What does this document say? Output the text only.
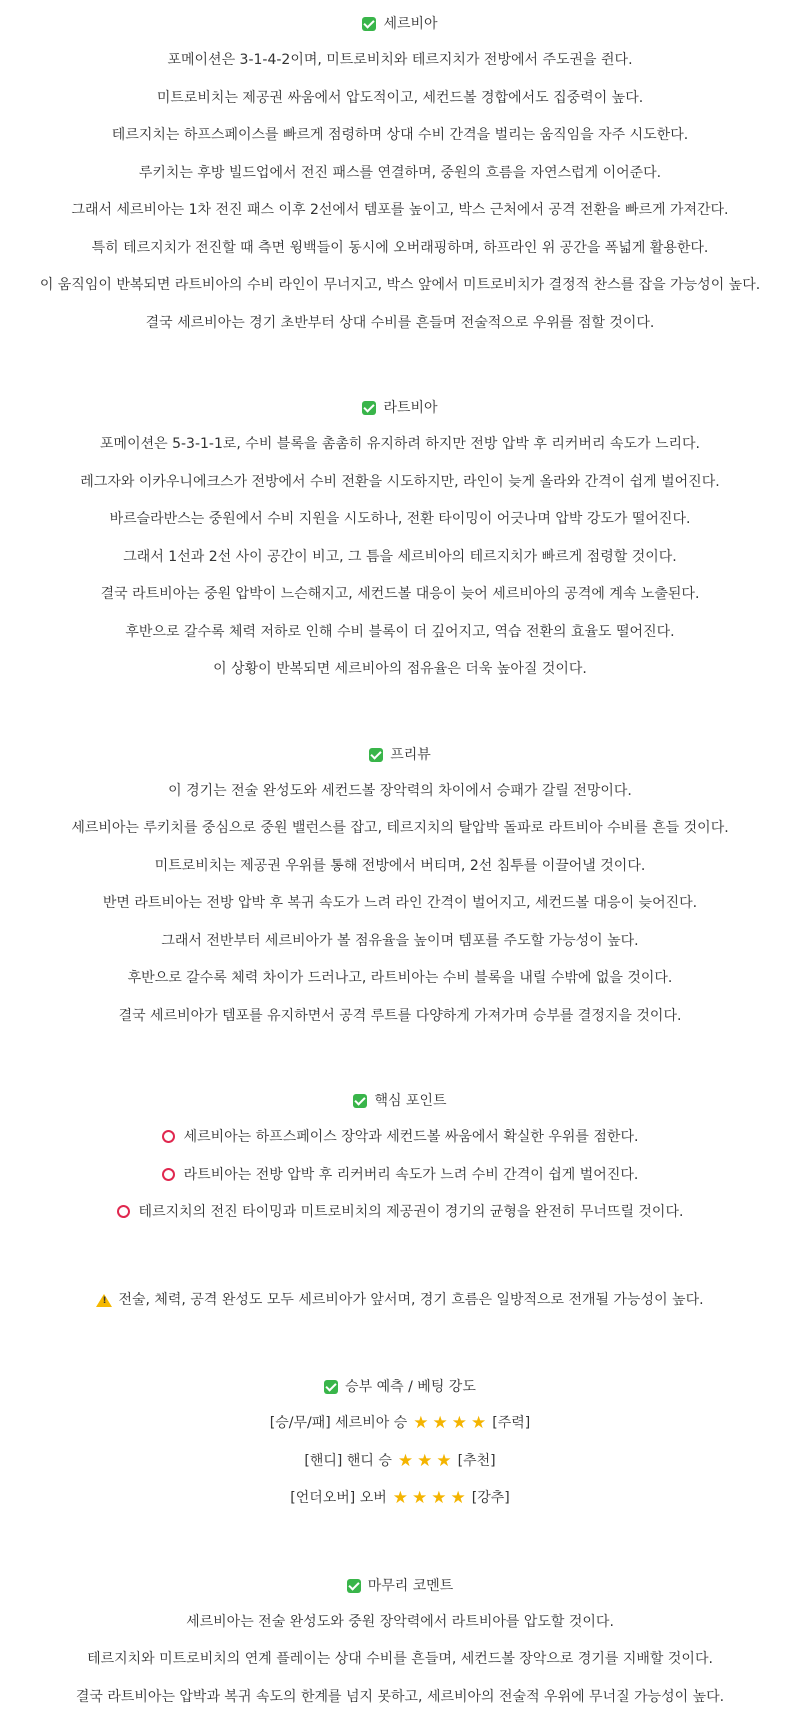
세르비아
포메이션은 3-1-4-2이며, 미트로비치와 테르지치가 전방에서 주도권을 쥔다.
미트로비치는 제공권 싸움에서 압도적이고, 세컨드볼 경합에서도 집중력이 높다.
테르지치는 하프스페이스를 빠르게 점령하며 상대 수비 간격을 벌리는 움직임을 자주 시도한다.
루키치는 후방 빌드업에서 전진 패스를 연결하며, 중원의 흐름을 자연스럽게 이어준다.
그래서 세르비아는 1차 전진 패스 이후 2선에서 템포를 높이고, 박스 근처에서 공격 전환을 빠르게 가져간다.
특히 테르지치가 전진할 때 측면 윙백들이 동시에 오버래핑하며, 하프라인 위 공간을 폭넓게 활용한다.
이 움직임이 반복되면 라트비아의 수비 라인이 무너지고, 박스 앞에서 미트로비치가 결정적 찬스를 잡을 가능성이 높다.
결국 세르비아는 경기 초반부터 상대 수비를 흔들며 전술적으로 우위를 점할 것이다.
라트비아
포메이션은 5-3-1-1로, 수비 블록을 촘촘히 유지하려 하지만 전방 압박 후 리커버리 속도가 느리다.
레그자와 이카우니에크스가 전방에서 수비 전환을 시도하지만, 라인이 늦게 올라와 간격이 쉽게 벌어진다.
바르슬라반스는 중원에서 수비 지원을 시도하나, 전환 타이밍이 어긋나며 압박 강도가 떨어진다.
그래서 1선과 2선 사이 공간이 비고, 그 틈을 세르비아의 테르지치가 빠르게 점령할 것이다.
결국 라트비아는 중원 압박이 느슨해지고, 세컨드볼 대응이 늦어 세르비아의 공격에 계속 노출된다.
후반으로 갈수록 체력 저하로 인해 수비 블록이 더 깊어지고, 역습 전환의 효율도 떨어진다.
이 상황이 반복되면 세르비아의 점유율은 더욱 높아질 것이다.
프리뷰
이 경기는 전술 완성도와 세컨드볼 장악력의 차이에서 승패가 갈릴 전망이다.
세르비아는 루키치를 중심으로 중원 밸런스를 잡고, 테르지치의 탈압박 돌파로 라트비아 수비를 흔들 것이다.
미트로비치는 제공권 우위를 통해 전방에서 버티며, 2선 침투를 이끌어낼 것이다.
반면 라트비아는 전방 압박 후 복귀 속도가 느려 라인 간격이 벌어지고, 세컨드볼 대응이 늦어진다.
그래서 전반부터 세르비아가 볼 점유율을 높이며 템포를 주도할 가능성이 높다.
후반으로 갈수록 체력 차이가 드러나고, 라트비아는 수비 블록을 내릴 수밖에 없을 것이다.
결국 세르비아가 템포를 유지하면서 공격 루트를 다양하게 가져가며 승부를 결정지을 것이다.
핵심 포인트
세르비아는 하프스페이스 장악과 세컨드볼 싸움에서 확실한 우위를 점한다.
라트비아는 전방 압박 후 리커버리 속도가 느려 수비 간격이 쉽게 벌어진다.
테르지치의 전진 타이밍과 미트로비치의 제공권이 경기의 균형을 완전히 무너뜨릴 것이다.
!
전술, 체력, 공격 완성도 모두 세르비아가 앞서며, 경기 흐름은 일방적으로 전개될 가능성이 높다.
승부 예측 / 베팅 강도
[승/무/패] 세르비아 승 ★ ★ ★ ★ [주력]
[핸디] 핸디 승 ★ ★ ★ [추천]
[언더오버] 오버 ★ ★ ★ ★ [강추]
마무리 코멘트
세르비아는 전술 완성도와 중원 장악력에서 라트비아를 압도할 것이다.
테르지치와 미트로비치의 연계 플레이는 상대 수비를 흔들며, 세컨드볼 장악으로 경기를 지배할 것이다.
결국 라트비아는 압박과 복귀 속도의 한계를 넘지 못하고, 세르비아의 전술적 우위에 무너질 가능성이 높다.
